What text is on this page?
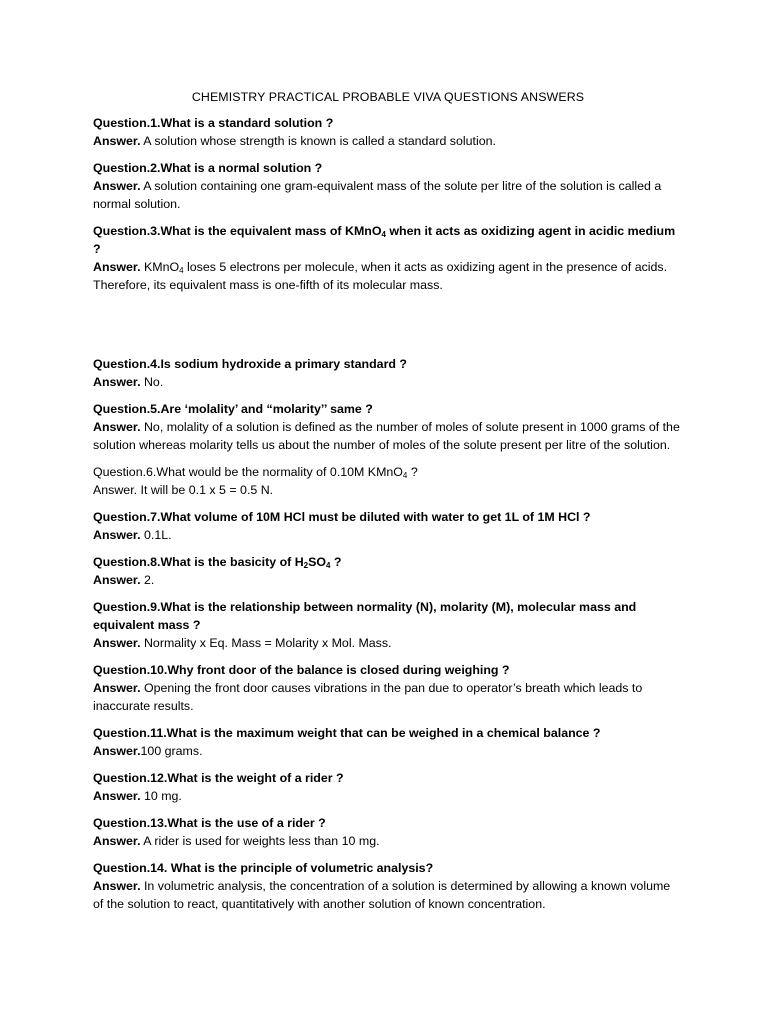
CHEMISTRY PRACTICAL PROBABLE VIVA QUESTIONS ANSWERS
Question.1.What is a standard solution ?
Answer. A solution whose strength is known is called a standard solution.
Question.2.What is a normal solution ?
Answer. A solution containing one gram-equivalent mass of the solute per litre of the solution is called a normal solution.
Question.3.What is the equivalent mass of KMnO$_4$ when it acts as oxidizing agent in acidic medium ?
Answer. KMnO$_4$ loses 5 electrons per molecule, when it acts as oxidizing agent in the presence of acids. Therefore, its equivalent mass is one-fifth of its molecular mass.
Question.4.Is sodium hydroxide a primary standard ?
Answer. No.
Question.5.Are ‘molality’ and “molarity’’ same ?
Answer. No, molality of a solution is defined as the number of moles of solute present in 1000 grams of the solution whereas molarity tells us about the number of moles of the solute present per litre of the solution.
Question.6.What would be the normality of 0.10M KMnO$_4$ ?
Answer. It will be 0.1 x 5 = 0.5 N.
Question.7.What volume of 10M HCl must be diluted with water to get 1L of 1M HCl ?
Answer. 0.1L.
Question.8.What is the basicity of $H_2SO_4$ ?
Answer. 2.
Question.9.What is the relationship between normality (N), molarity (M), molecular mass and equivalent mass ?
Answer. Normality x Eq. Mass = Molarity x Mol. Mass.
Question.10.Why front door of the balance is closed during weighing ?
Answer. Opening the front door causes vibrations in the pan due to operator’s breath which leads to inaccurate results.
Question.11.What is the maximum weight that can be weighed in a chemical balance ?
Answer.100 grams.
Question.12.What is the weight of a rider ?
Answer. 10 mg.
Question.13.What is the use of a rider ?
Answer. A rider is used for weights less than 10 mg.
Question.14. What is the principle of volumetric analysis?
Answer. In volumetric analysis, the concentration of a solution is determined by allowing a known volume of the solution to react, quantitatively with another solution of known concentration.
